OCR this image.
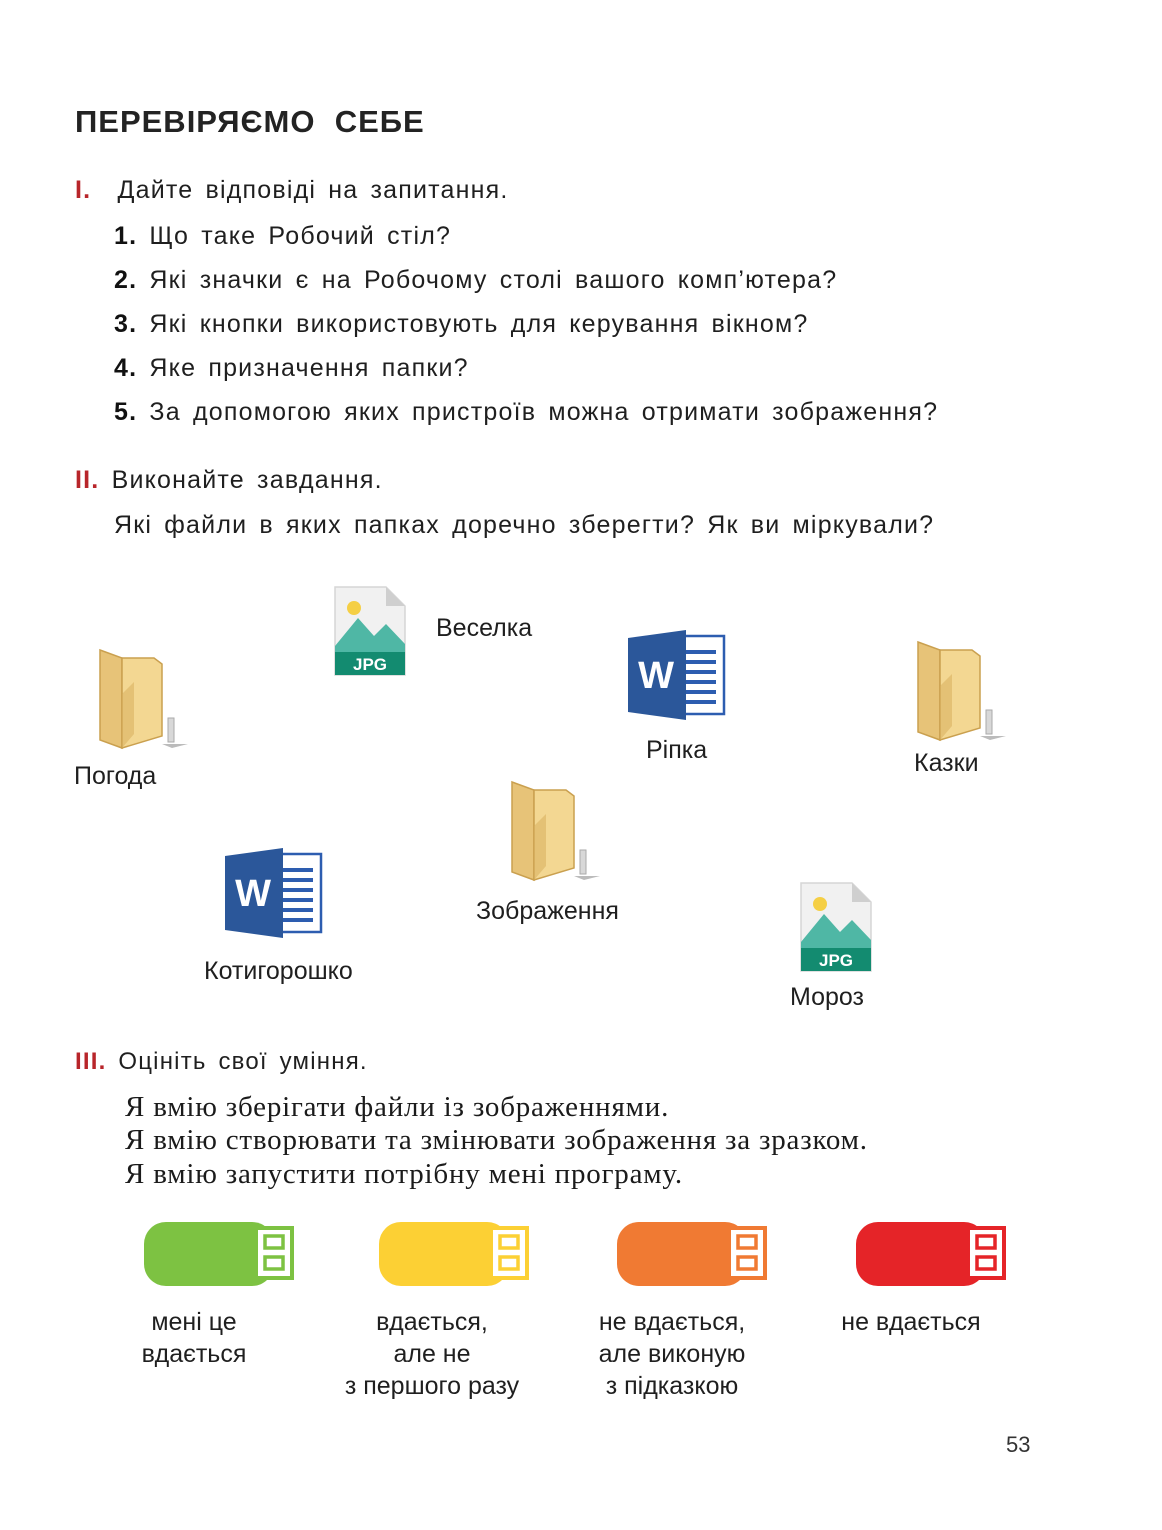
ПЕРЕВІРЯЄМО  СЕБЕ
I. Дайте відповіді на запитання.
1. Що таке Робочий стіл?
2. Які значки є на Робочому столі вашого комп’ютера?
3. Які кнопки використовують для керування вікном?
4. Яке призначення папки?
5. За допомогою яких пристроїв можна отримати зображення?
II. Виконайте завдання.
Які файли в яких папках доречно зберегти? Як ви міркували?
Погода
JPG
Веселка
W
Ріпка	Казки
Зображення
W
Котигорошко	JPG
Мороз
III. Оцініть свої уміння.
Я вмію зберігати файли із зображеннями.
Я вмію створювати та змінювати зображення за зразком.
Я вмію запустити потрібну мені програму.
мені це
вдається
вдається,
але не
з першого разу
не вдається,
але виконую
з підказкою
не вдається
53
